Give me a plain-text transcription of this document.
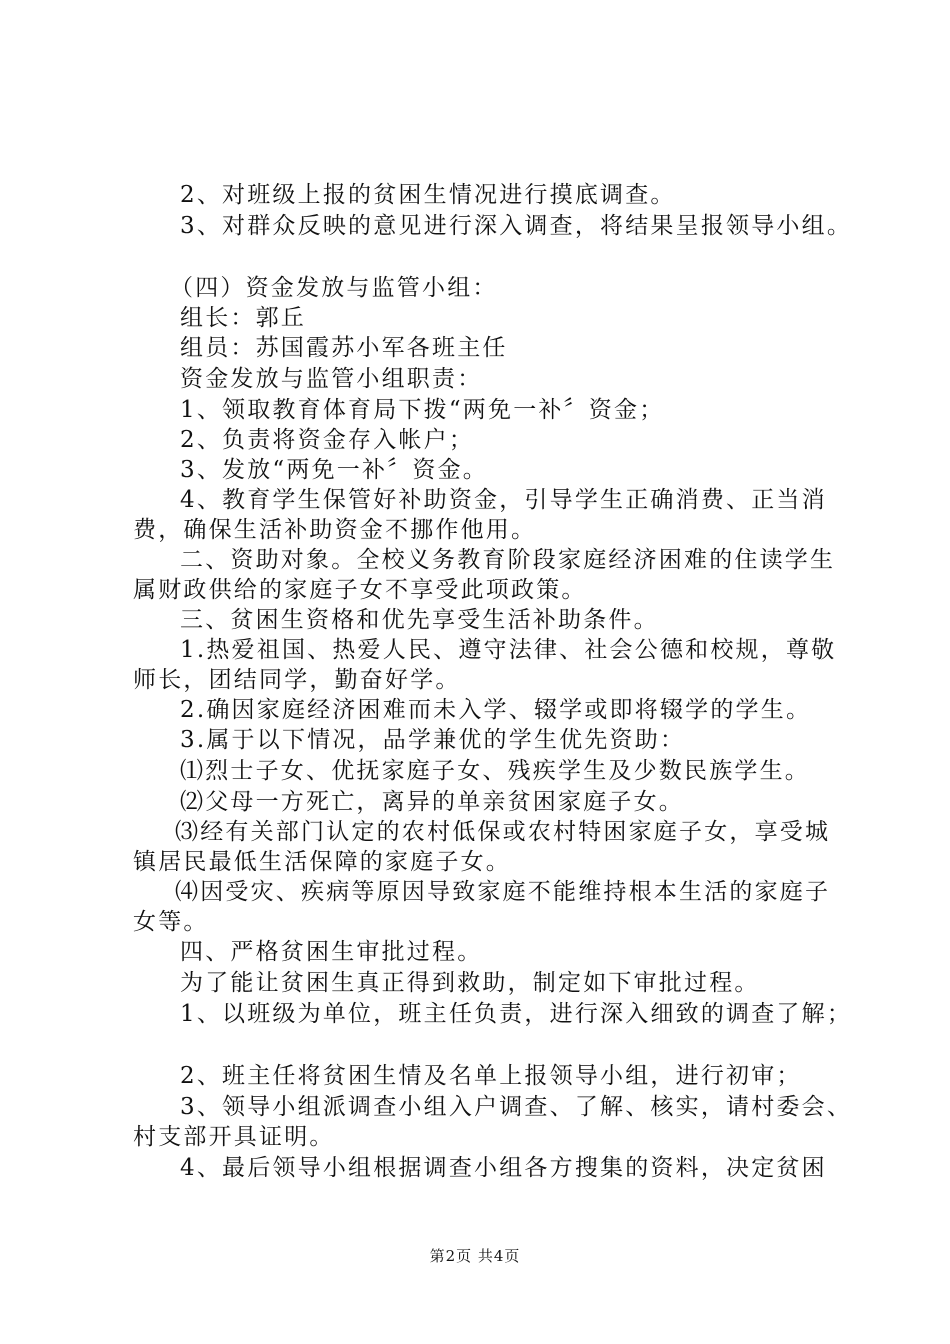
2、对班级上报的贫困生情况进行摸底调查。
3、对群众反映的意见进行深入调查，将结果呈报领导小组。
（四）资金发放与监管小组：
组长：郭丘
组员：苏国霞苏小军各班主任
资金发放与监管小组职责：
1、领取教育体育局下拨“两免一补〞资金；
2、负责将资金存入帐户；
3、发放“两免一补〞资金。
4、教育学生保管好补助资金，引导学生正确消费、正当消
费，确保生活补助资金不挪作他用。
二、资助对象。全校义务教育阶段家庭经济困难的住读学生
属财政供给的家庭子女不享受此项政策。
三、贫困生资格和优先享受生活补助条件。
1.热爱祖国、热爱人民、遵守法律、社会公德和校规，尊敬
师长，团结同学，勤奋好学。
2.确因家庭经济困难而未入学、辍学或即将辍学的学生。
3.属于以下情况，品学兼优的学生优先资助：
⑴烈士子女、优抚家庭子女、残疾学生及少数民族学生。
⑵父母一方死亡，离异的单亲贫困家庭子女。
⑶经有关部门认定的农村低保或农村特困家庭子女，享受城
镇居民最低生活保障的家庭子女。
⑷因受灾、疾病等原因导致家庭不能维持根本生活的家庭子
女等。
四、严格贫困生审批过程。
为了能让贫困生真正得到救助，制定如下审批过程。
1、以班级为单位，班主任负责，进行深入细致的调查了解；
2、班主任将贫困生情及名单上报领导小组，进行初审；
3、领导小组派调查小组入户调查、了解、核实，请村委会、
村支部开具证明。
4、最后领导小组根据调查小组各方搜集的资料，决定贫困
第2页 共4页
